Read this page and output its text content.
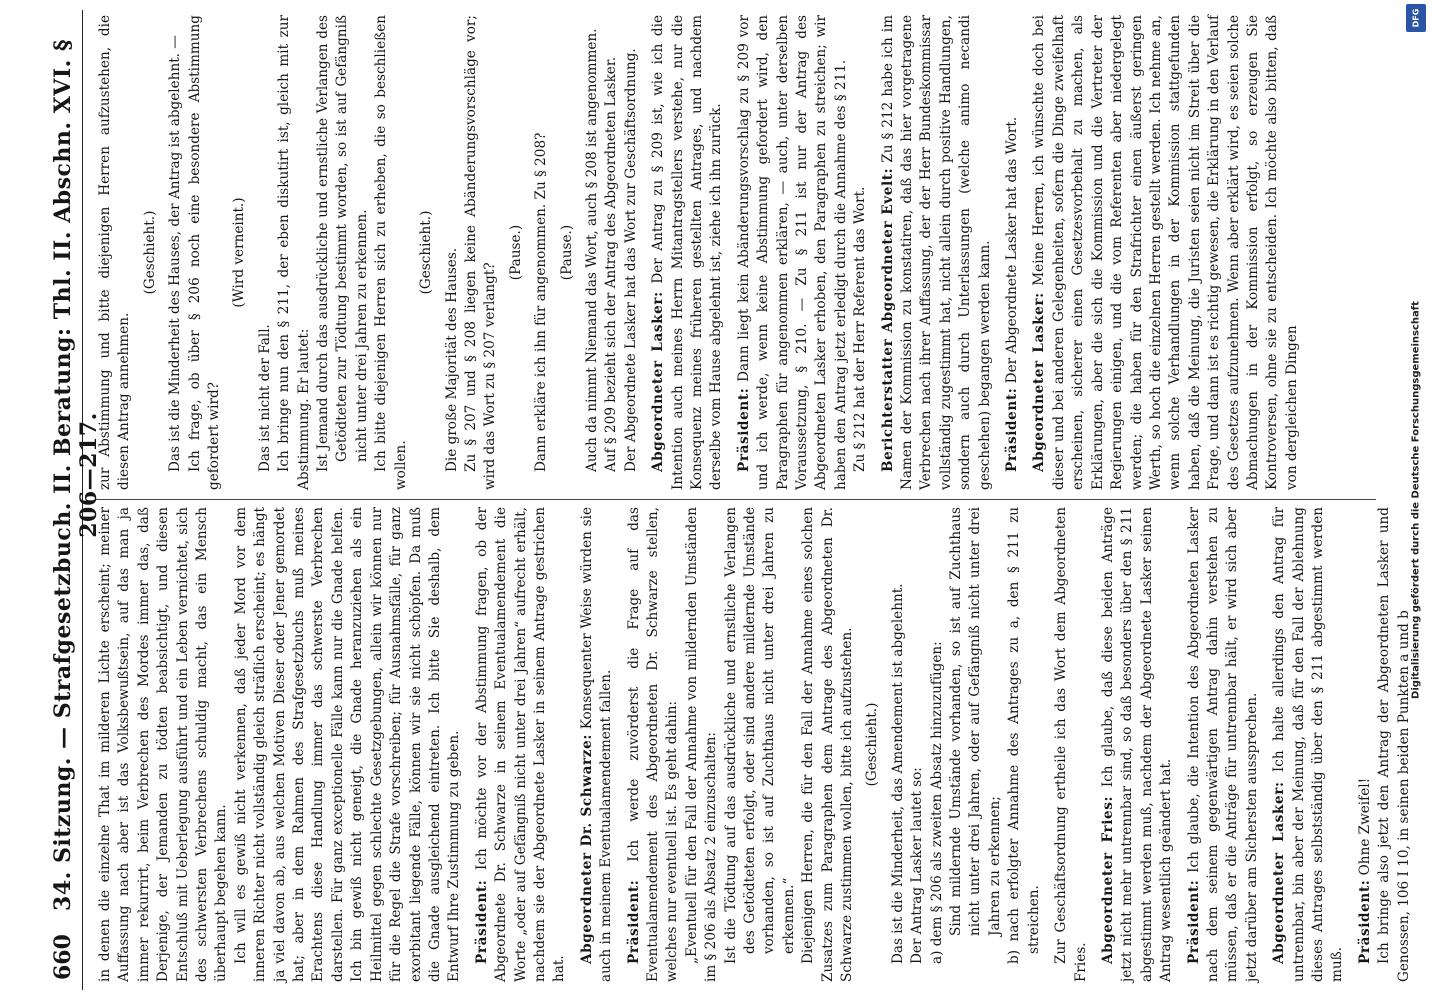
660
34. Sitzung. — Strafgesetzbuch. II. Beratung: Thl. II. Abschn. XVI. § 206—217.

in denen die einzelne That im milderen Lichte erscheint; meiner Auffassung nach aber ist das Volksbewußtsein, auf das man ja immer rekurrirt, beim Verbrechen des Mordes immer das, daß Derjenige, der Jemanden zu tödten beabsichtigt, und diesen Entschluß mit Ueberlegung ausführt und ein Leben vernichtet, sich des schwersten Verbrechens schuldig macht, das ein Mensch überhaupt begehen kann. Ich will es gewiß nicht verkennen, daß jeder Mord vor dem inneren Richter nicht vollständig gleich sträflich erscheint; es hängt ja viel davon ab, aus welchen Motiven Dieser oder Jener gemordet hat; aber in dem Rahmen des Strafgesetzbuchs muß meines Erachtens diese Handlung immer das schwerste Verbrechen darstellen. Für ganz exceptionelle Fälle kann nur die Gnade helfen. Ich bin gewiß nicht geneigt, die Gnade heranzuziehen als ein Heilmittel gegen schlechte Gesetzgebungen, allein wir können nur für die Regel die Strafe vorschreiben; für Ausnahmsfälle, für ganz exorbitant liegende Fälle, können wir sie nicht schöpfen. Da muß die Gnade ausgleichend eintreten. Ich bitte Sie deshalb, dem Entwurf Ihre Zustimmung zu geben. Präsident: Ich möchte vor der Abstimmung fragen, ob der Abgeordnete Dr. Schwarze in seinem Eventualamendement die Worte „oder auf Gefängniß nicht unter drei Jahren“ aufrecht erhält, nachdem sie der Abgeordnete Lasker in seinem Antrage gestrichen hat.

Abgeordneter Dr. Schwarze: Konsequenter Weise würden sie auch in meinem Eventualamendement fallen. Präsident: Ich werde zuvörderst die Frage auf das Eventualamendement des Abgeordneten Dr. Schwarze stellen, welches nur eventuell ist. Es geht dahin: „Eventuell für den Fall der Annahme von mildernden Umständen im § 206 als Absatz 2 einzuschalten: Ist die Tödtung auf das ausdrückliche und ernstliche Verlangen des Getödteten erfolgt, oder sind andere mildernde Umstände vorhanden, so ist auf Zuchthaus nicht unter drei Jahren zu erkennen.“ Diejenigen Herren, die für den Fall der Annahme eines solchen Zusatzes zum Paragraphen dem Antrage des Abgeordneten Dr. Schwarze zustimmen wollen, bitte ich aufzustehen. (Geschieht.) Das ist die Minderheit, das Amendement ist abgelehnt. Der Antrag Lasker lautet so: a) dem § 206 als zweiten Absatz hinzuzufügen: Sind mildernde Umstände vorhanden, so ist auf Zuchthaus nicht unter drei Jahren, oder auf Gefängniß nicht unter drei Jahren zu erkennen; b) nach erfolgter Annahme des Antrages zu a, den § 211 zu streichen. Zur Geschäftsordnung ertheile ich das Wort dem Abgeordneten Fries. Abgeordneter Fries: Ich glaube, daß diese beiden Anträge jetzt nicht mehr untrennbar sind, so daß besonders über den § 211 abgestimmt werden muß, nachdem der Abgeordnete Lasker seinen Antrag wesentlich geändert hat. Präsident: Ich glaube, die Intention des Abgeordneten Lasker nach dem seinem gegenwärtigen Antrag dahin verstehen zu müssen, daß er die Anträge für untrennbar hält, er wird sich aber jetzt darüber am Sichersten aussprechen. Abgeordneter Lasker: Ich halte allerdings den Antrag für untrennbar, bin aber der Meinung, daß für den Fall der Ablehnung dieses Antrages selbstständig über den § 211 abgestimmt werden muß.

Präsident: Ohne Zweifel! Ich bringe also jetzt den Antrag der Abgeordneten Lasker und Genossen, 106 I 10, in seinen beiden Punkten a und b

zur Abstimmung und bitte diejenigen Herren aufzustehen, die diesen Antrag annehmen.

(Geschieht.) Das ist die Minderheit des Hauses, der Antrag ist abgelehnt. — Ich frage, ob über § 206 noch eine besondere Abstimmung gefordert wird?

(Wird verneint.)

Das ist nicht der Fall. Ich bringe nun den § 211, der eben diskutirt ist, gleich mit zur Abstimmung. Er lautet: Ist Jemand durch das ausdrückliche und ernstliche Verlangen des Getödteten zur Tödtung bestimmt worden, so ist auf Gefängniß nicht unter drei Jahren zu erkennen. Ich bitte diejenigen Herren sich zu erheben, die so beschließen wollen.

(Geschieht.) Die große Majorität des Hauses. Zu § 207 und § 208 liegen keine Abänderungsvorschläge vor; wird das Wort zu § 207 verlangt?

(Pause.) Dann erkläre ich ihn für angenommen. Zu § 208? (Pause.) Auch da nimmt Niemand das Wort, auch § 208 ist angenommen. Auf § 209 bezieht sich der Antrag des Abgeordneten Lasker. Der Abgeordnete Lasker hat das Wort zur Geschäftsordnung. Abgeordneter Lasker: Der Antrag zu § 209 ist, wie ich die Intention auch meines Herrn Mitantragstellers verstehe, nur die Konsequenz meines früheren gestellten Antrages, und nachdem derselbe vom Hause abgelehnt ist, ziehe ich ihn zurück. Präsident: Dann liegt kein Abänderungsvorschlag zu § 209 vor und ich werde, wenn keine Abstimmung gefordert wird, den Paragraphen für angenommen erklären, — auch, unter derselben Voraussetzung, § 210. — Zu § 211 ist nur der Antrag des Abgeordneten Lasker erhoben, den Paragraphen zu streichen; wir haben den Antrag jetzt erledigt durch die Annahme des § 211. Zu § 212 hat der Herr Referent das Wort. Berichterstatter Abgeordneter Evelt: Zu § 212 habe ich im Namen der Kommission zu konstatiren, daß das hier vorgetragene Verbrechen nach ihrer Auffassung, der der Herr Bundeskommissar vollständig zugestimmt hat, nicht allein durch positive Handlungen, sondern auch durch Unterlassungen (welche animo necandi geschehen) begangen werden kann. Präsident: Der Abgeordnete Lasker hat das Wort. Abgeordneter Lasker: Meine Herren, ich wünschte doch bei dieser und bei anderen Gelegenheiten, sofern die Dinge zweifelhaft erscheinen, sicherer einen Gesetzesvorbehalt zu machen, als Erklärungen, aber die sich die Kommission und die Vertreter der Regierungen einigen, und die vom Referenten aber niedergelegt werden; die haben für den Strafrichter einen äußerst geringen Werth, so hoch die einzelnen Herren gestellt werden. Ich nehme an, wenn solche Verhandlungen in der Kommission stattgefunden haben, daß die Meinung, die Juristen seien nicht im Streit über die Frage, und dann ist es richtig gewesen, die Erklärung in den Verlauf des Gesetzes aufzunehmen. Wenn aber erklärt wird, es seien solche Abmachungen in der Kommission erfolgt, so erzeugen Sie Kontroversen, ohne sie zu entscheiden. Ich möchte also bitten, daß von dergleichen Dingen	Digitalisierung gefördert durch die Deutsche Forschungsgemeinschaft
DFG
